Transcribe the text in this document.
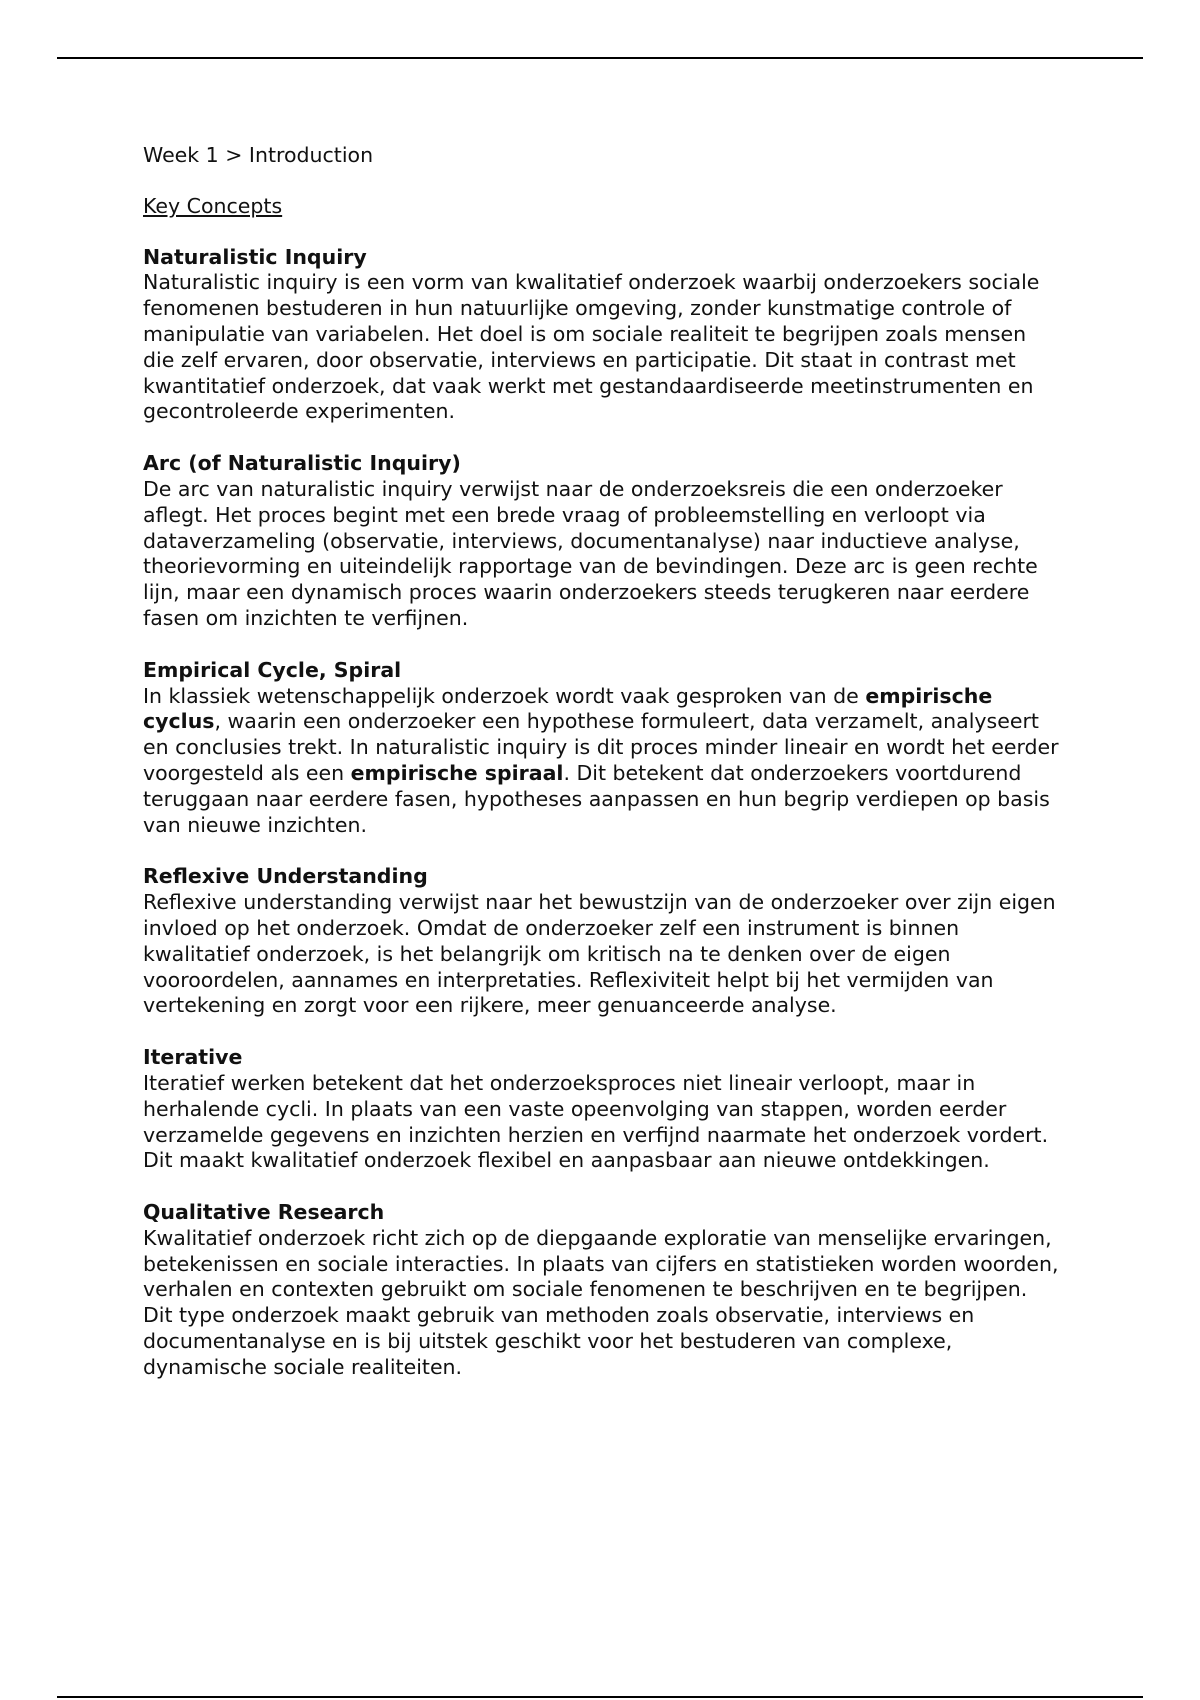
Week 1 > Introduction

Key Concepts

Naturalistic Inquiry

Naturalistic inquiry is een vorm van kwalitatief onderzoek waarbij onderzoekers sociale fenomenen bestuderen in hun natuurlijke omgeving, zonder kunstmatige controle of manipulatie van variabelen. Het doel is om sociale realiteit te begrijpen zoals mensen die zelf ervaren, door observatie, interviews en participatie. Dit staat in contrast met kwantitatief onderzoek, dat vaak werkt met gestandaardiseerde meetinstrumenten en gecontroleerde experimenten.

Arc (of Naturalistic Inquiry)

De arc van naturalistic inquiry verwijst naar de onderzoeksreis die een onderzoeker aflegt. Het proces begint met een brede vraag of probleemstelling en verloopt via dataverzameling (observatie, interviews, documentanalyse) naar inductieve analyse, theorievorming en uiteindelijk rapportage van de bevindingen. Deze arc is geen rechte lijn, maar een dynamisch proces waarin onderzoekers steeds terugkeren naar eerdere fasen om inzichten te verfijnen.

Empirical Cycle, Spiral

In klassiek wetenschappelijk onderzoek wordt vaak gesproken van de empirische cyclus, waarin een onderzoeker een hypothese formuleert, data verzamelt, analyseert en conclusies trekt. In naturalistic inquiry is dit proces minder lineair en wordt het eerder voorgesteld als een empirische spiraal. Dit betekent dat onderzoekers voortdurend teruggaan naar eerdere fasen, hypotheses aanpassen en hun begrip verdiepen op basis van nieuwe inzichten.

Reflexive Understanding

Reflexive understanding verwijst naar het bewustzijn van de onderzoeker over zijn eigen invloed op het onderzoek. Omdat de onderzoeker zelf een instrument is binnen kwalitatief onderzoek, is het belangrijk om kritisch na te denken over de eigen vooroordelen, aannames en interpretaties. Reflexiviteit helpt bij het vermijden van vertekening en zorgt voor een rijkere, meer genuanceerde analyse.

Iterative

Iteratief werken betekent dat het onderzoeksproces niet lineair verloopt, maar in herhalende cycli. In plaats van een vaste opeenvolging van stappen, worden eerder verzamelde gegevens en inzichten herzien en verfijnd naarmate het onderzoek vordert. Dit maakt kwalitatief onderzoek flexibel en aanpasbaar aan nieuwe ontdekkingen.

Qualitative Research

Kwalitatief onderzoek richt zich op de diepgaande exploratie van menselijke ervaringen, betekenissen en sociale interacties. In plaats van cijfers en statistieken worden woorden, verhalen en contexten gebruikt om sociale fenomenen te beschrijven en te begrijpen. Dit type onderzoek maakt gebruik van methoden zoals observatie, interviews en documentanalyse en is bij uitstek geschikt voor het bestuderen van complexe, dynamische sociale realiteiten.
